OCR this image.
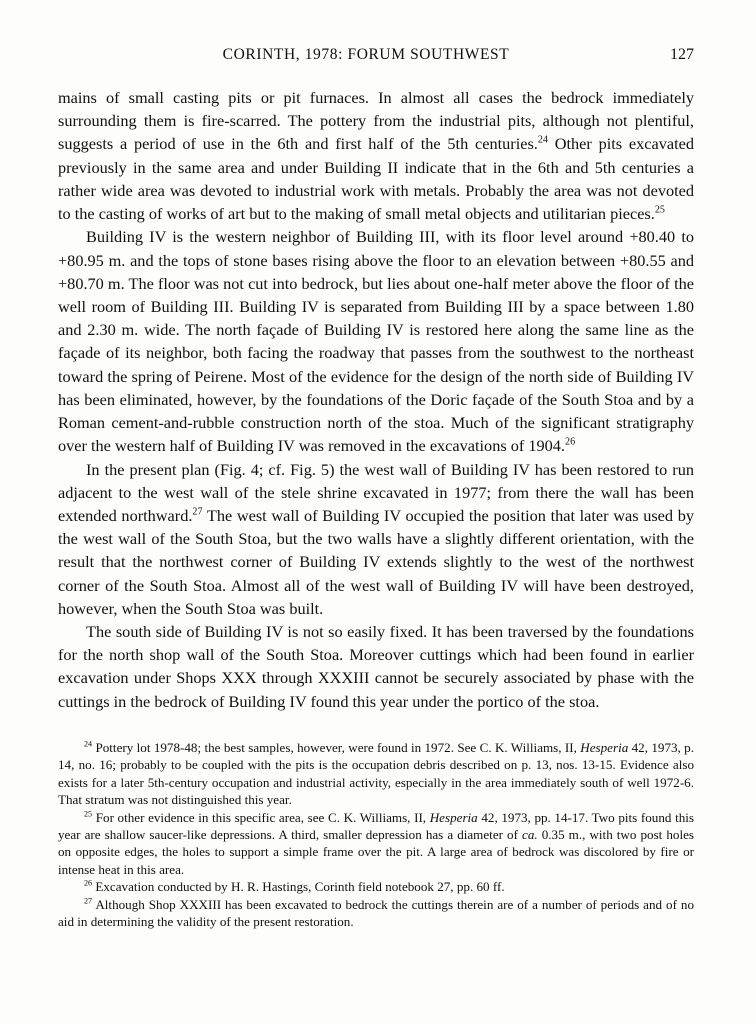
CORINTH, 1978: FORUM SOUTHWEST	127

mains of small casting pits or pit furnaces. In almost all cases the bedrock immediately surrounding them is fire-scarred. The pottery from the industrial pits, although not plentiful, suggests a period of use in the 6th and first half of the 5th centuries.$^{24}$ Other pits excavated previously in the same area and under Building II indicate that in the 6th and 5th centuries a rather wide area was devoted to industrial work with metals. Probably the area was not devoted to the casting of works of art but to the making of small metal objects and utilitarian pieces.$^{25}$

Building IV is the western neighbor of Building III, with its floor level around +80.40 to +80.95 m. and the tops of stone bases rising above the floor to an elevation between +80.55 and +80.70 m. The floor was not cut into bedrock, but lies about one-half meter above the floor of the well room of Building III. Building IV is separated from Building III by a space between 1.80 and 2.30 m. wide. The north façade of Building IV is restored here along the same line as the façade of its neighbor, both facing the roadway that passes from the southwest to the northeast toward the spring of Peirene. Most of the evidence for the design of the north side of Building IV has been eliminated, however, by the foundations of the Doric façade of the South Stoa and by a Roman cement-and-rubble construction north of the stoa. Much of the significant stratigraphy over the western half of Building IV was removed in the excavations of 1904.26

In the present plan (Fig. 4; cf. Fig. 5) the west wall of Building IV has been restored to run adjacent to the west wall of the stele shrine excavated in 1977; from there the wall has been extended northward.$^{27}$ The west wall of Building IV occupied the position that later was used by the west wall of the South Stoa, but the two walls have a slightly different orientation, with the result that the northwest corner of Building IV extends slightly to the west of the northwest corner of the South Stoa. Almost all of the west wall of Building IV will have been destroyed, however, when the South Stoa was built.

The south side of Building IV is not so easily fixed. It has been traversed by the foundations for the north shop wall of the South Stoa. Moreover cuttings which had been found in earlier excavation under Shops XXX through XXXIII cannot be securely associated by phase with the cuttings in the bedrock of Building IV found this year under the portico of the stoa.

$^{24}$ Pottery lot 1978-48; the best samples, however, were found in 1972. See C. K. Williams, II, Hesperia 42, 1973, p. 14, no. 16; probably to be coupled with the pits is the occupation debris described on p. 13, nos. 13-15. Evidence also exists for a later 5th-century occupation and industrial activity, especially in the area immediately south of well 1972-6. That stratum was not distinguished this year.

$^{25}$ For other evidence in this specific area, see C. K. Williams, II, Hesperia 42, 1973, pp. 14-17. Two pits found this year are shallow saucer-like depressions. A third, smaller depression has a diameter of ca. 0.35 m., with two post holes on opposite edges, the holes to support a simple frame over the pit. A large area of bedrock was discolored by fire or intense heat in this area.

$^{26}$ Excavation conducted by H. R. Hastings, Corinth field notebook 27, pp. 60 ff.

$^{27}$ Although Shop XXXIII has been excavated to bedrock the cuttings therein are of a number of periods and of no aid in determining the validity of the present restoration.
